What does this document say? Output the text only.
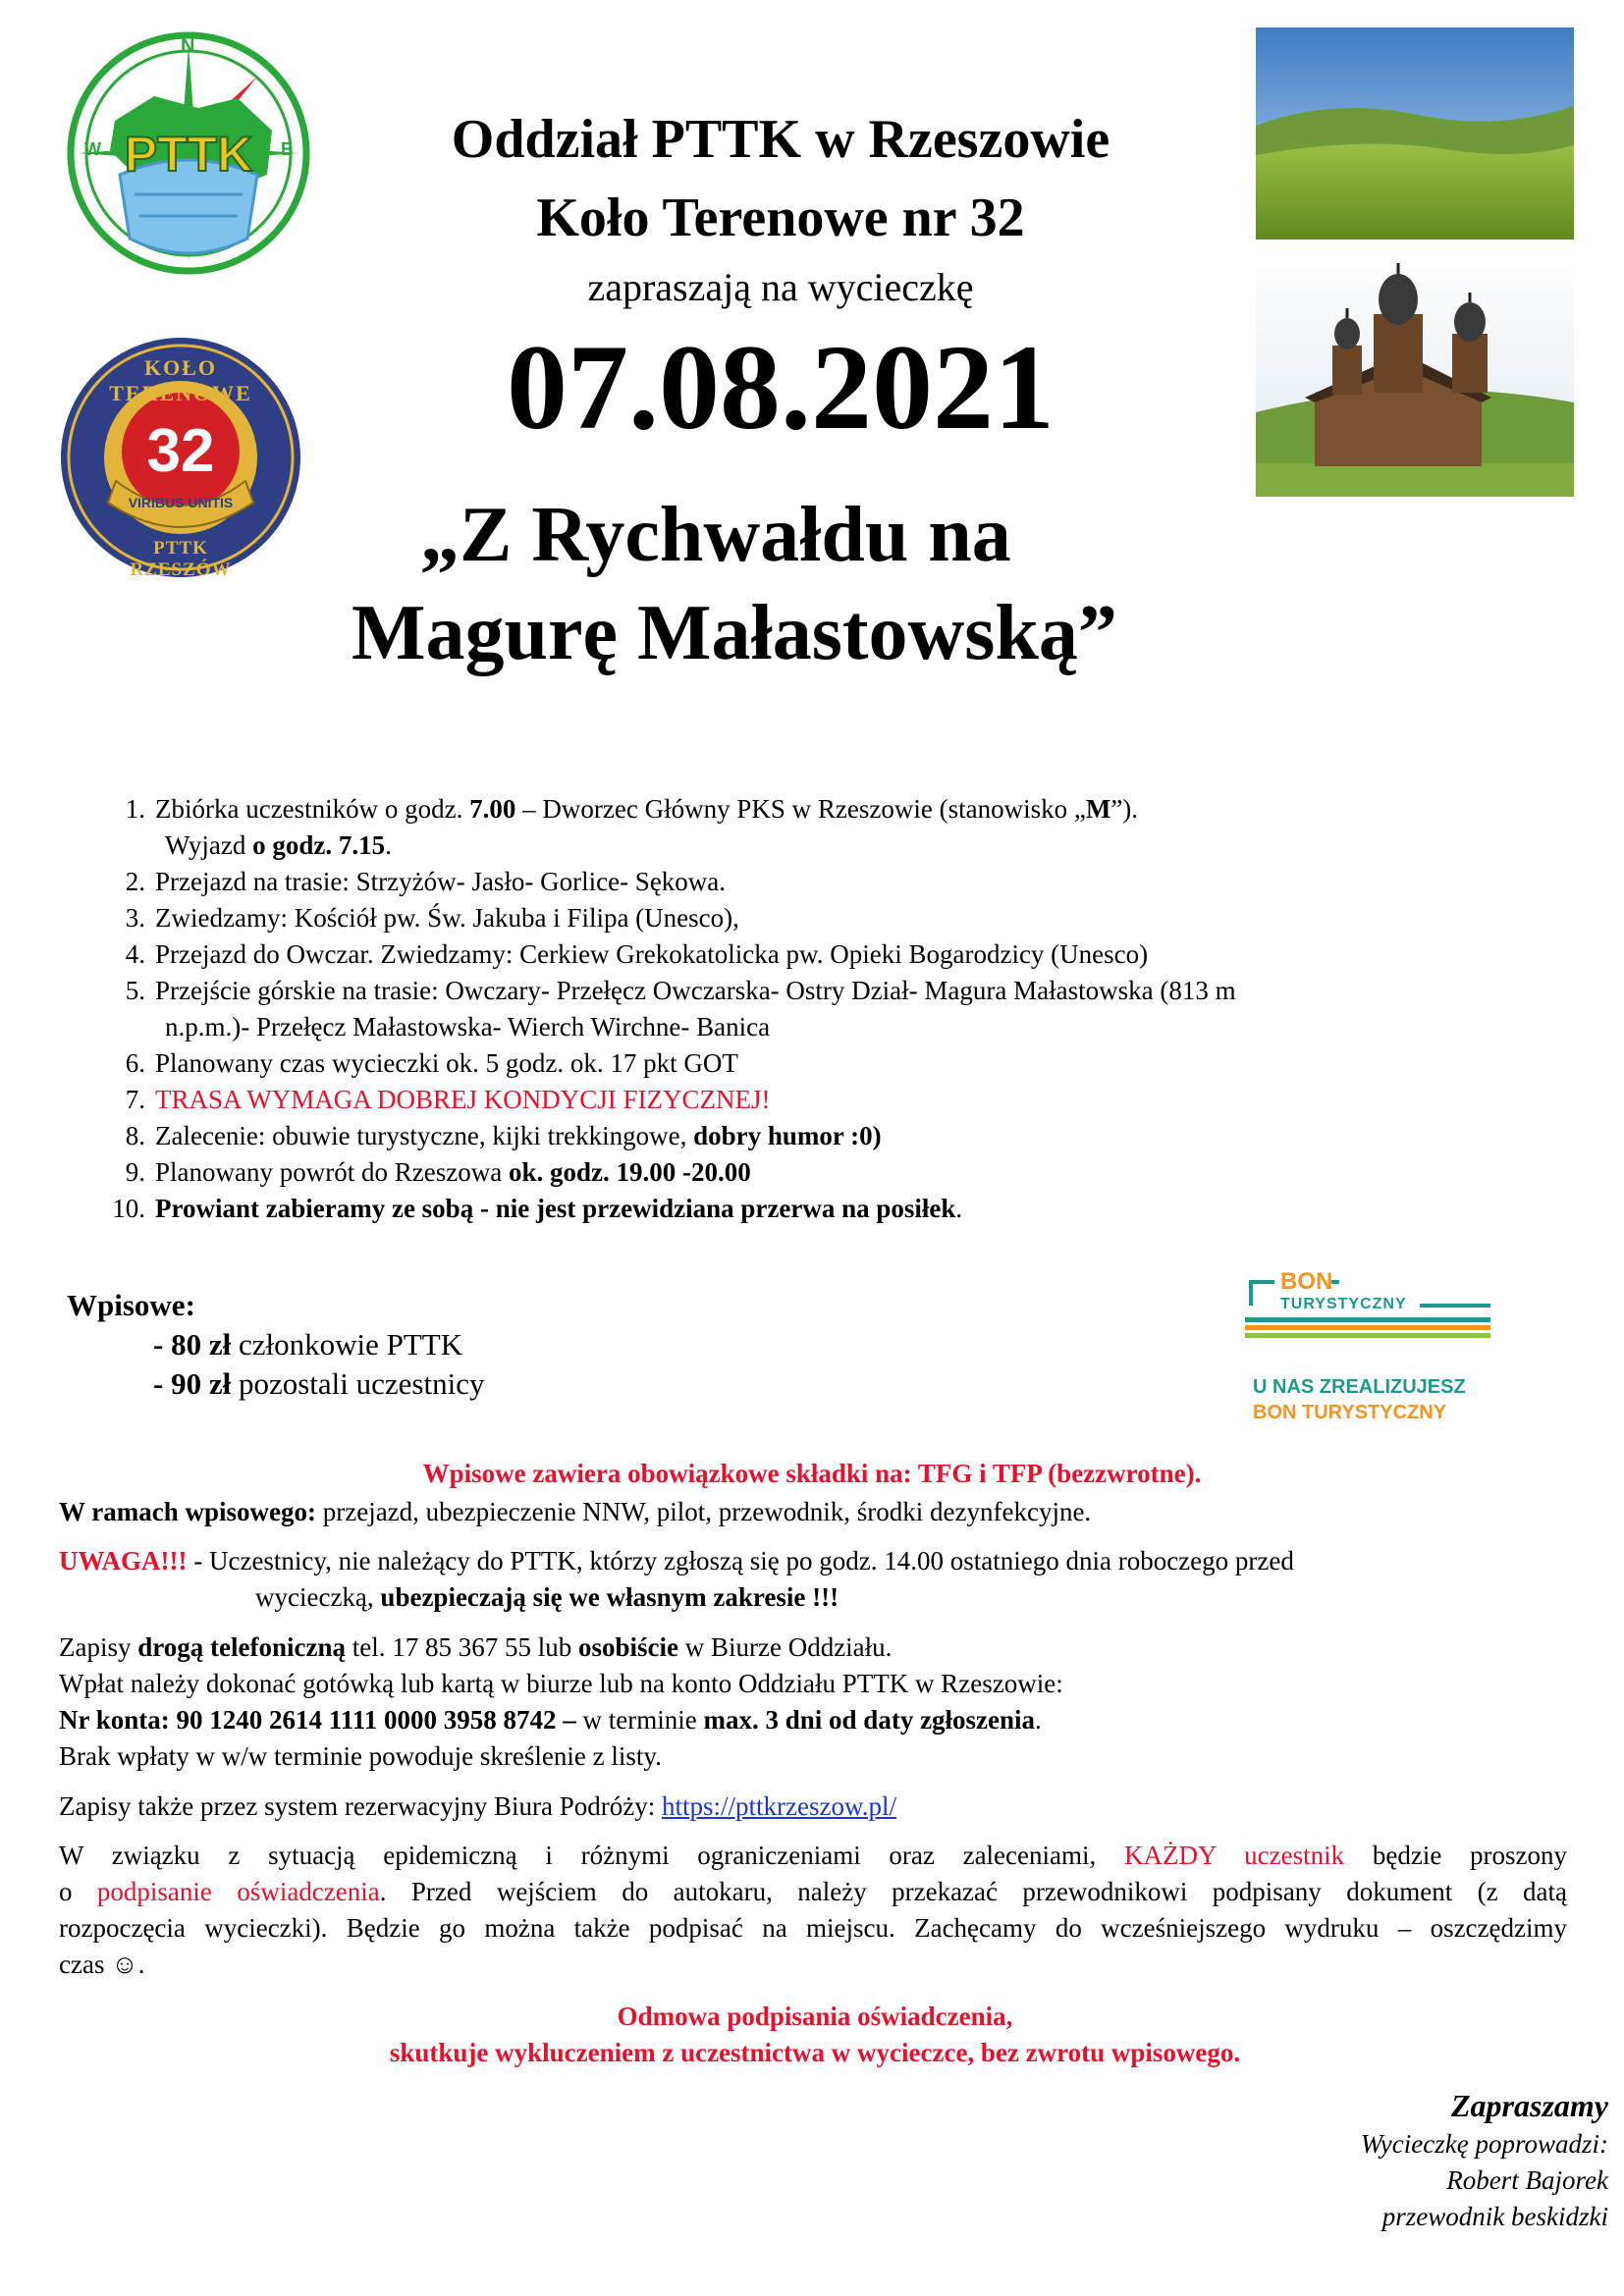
N
W	E
PTTK
KOŁO TERENOWE
32
VIRIBUS UNITIS
PTTK RZESZÓW
Oddział PTTK w Rzeszowie
Koło Terenowe nr 32
zapraszają na wycieczkę
07.08.2021
„Z Rychwałdu na
Magurę Małastowską”
1. Zbiórka uczestników o godz. 7.00 – Dworzec Główny PKS w Rzeszowie (stanowisko „M”).
Wyjazd o godz. 7.15.
2. Przejazd na trasie: Strzyżów- Jasło- Gorlice- Sękowa.
3. Zwiedzamy: Kościół pw. Św. Jakuba i Filipa (Unesco),
4. Przejazd do Owczar. Zwiedzamy: Cerkiew Grekokatolicka pw. Opieki Bogarodzicy (Unesco)
5. Przejście górskie na trasie: Owczary- Przełęcz Owczarska- Ostry Dział- Magura Małastowska (813 m
n.p.m.)- Przełęcz Małastowska- Wierch Wirchne- Banica
6. Planowany czas wycieczki ok. 5 godz. ok. 17 pkt GOT
7. TRASA WYMAGA DOBREJ KONDYCJI FIZYCZNEJ!
8. Zalecenie: obuwie turystyczne, kijki trekkingowe, dobry humor :0)
9. Planowany powrót do Rzeszowa ok. godz. 19.00 -20.00
10. Prowiant zabieramy ze sobą - nie jest przewidziana przerwa na posiłek.
Wpisowe:
- 80 zł członkowie PTTK
- 90 zł pozostali uczestnicy
BON
TURYSTYCZNY
U NAS ZREALIZUJESZ
BON TURYSTYCZNY
Wpisowe zawiera obowiązkowe składki na: TFG i TFP (bezzwrotne).
W ramach wpisowego: przejazd, ubezpieczenie NNW, pilot, przewodnik, środki dezynfekcyjne.
UWAGA!!! - Uczestnicy, nie należący do PTTK, którzy zgłoszą się po godz. 14.00 ostatniego dnia roboczego przed
wycieczką, ubezpieczają się we własnym zakresie !!!
Zapisy drogą telefoniczną tel. 17 85 367 55 lub osobiście w Biurze Oddziału.
Wpłat należy dokonać gotówką lub kartą w biurze lub na konto Oddziału PTTK w Rzeszowie:
Nr konta: 90 1240 2614 1111 0000 3958 8742 – w terminie max. 3 dni od daty zgłoszenia.
Brak wpłaty w w/w terminie powoduje skreślenie z listy.
Zapisy także przez system rezerwacyjny Biura Podróży: https://pttkrzeszow.pl/
W związku z sytuacją epidemiczną i różnymi ograniczeniami oraz zaleceniami, KAŻDY uczestnik będzie proszony
o podpisanie oświadczenia. Przed wejściem do autokaru, należy przekazać przewodnikowi podpisany dokument (z datą
rozpoczęcia wycieczki). Będzie go można także podpisać na miejscu. Zachęcamy do wcześniejszego wydruku – oszczędzimy
czas ☺.
Odmowa podpisania oświadczenia,
skutkuje wykluczeniem z uczestnictwa w wycieczce, bez zwrotu wpisowego.
Zapraszamy
Wycieczkę poprowadzi:
Robert Bajorek
przewodnik beskidzki
